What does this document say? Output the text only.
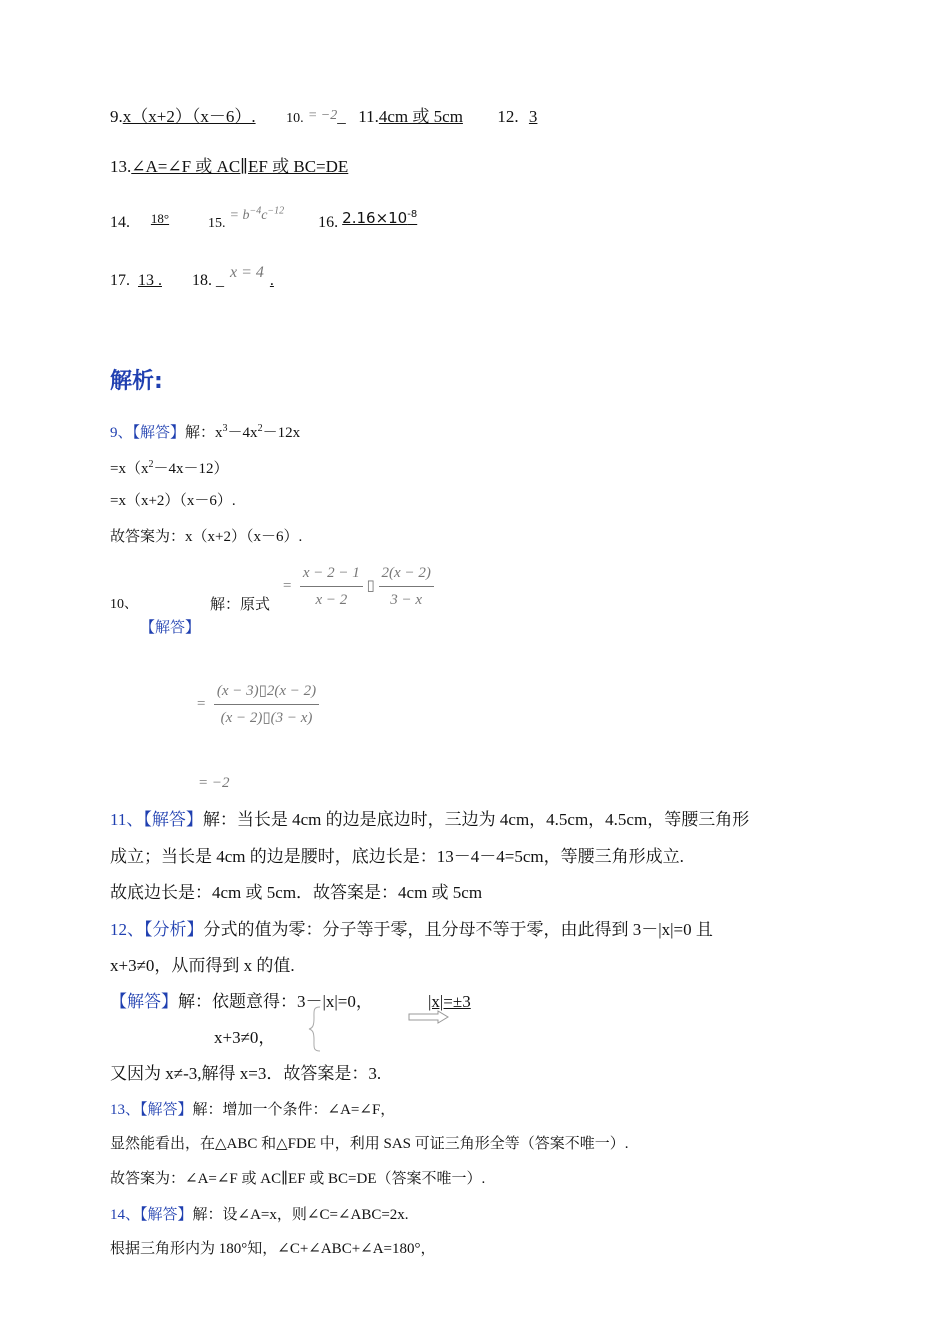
9.x（x+2）（x－6）. 10. = −2_ 11.4cm 或 5cm 12. 3
13.∠A=∠F 或 AC∥EF 或 BC=DE
14. 18°	15. = $b^{-4}c^{-12}$  16. $2.16\times 10^{-8}$
17. 13 . 18. _ x = 4 .
解析:
9、【解答】解：$x^3-4x^2-12x$
$=x(x^2-4x-12)$
=x（x+2）（x－6）.
故答案为：x（x+2）（x－6）.
10、
【解答】
解：原式
= $\frac{x - 2 - 1}{x - 2}$ ▯ $\frac{2(x - 2)}{3 - x}$
= $\frac{(x - 3)▯2(x - 2)}{(x - 2)▯(3 - x)}$
= −2
11、【解答】解：当长是 4cm 的边是底边时，三边为 4cm，4.5cm，4.5cm，等腰三角形
成立；当长是 4cm 的边是腰时，底边长是：13－4－4=5cm，等腰三角形成立.
故底边长是：4cm 或 5cm．故答案是：4cm 或 5cm
12、【分析】分式的值为零：分子等于零，且分母不等于零，由此得到 3－|x|=0 且
x+3≠0，从而得到 x 的值.
【解答】解：依题意得：3－|x|=0，	|x|=±3
x+3≠0，
又因为 x≠-3,解得 x=3．故答案是：3.
13、【解答】解：增加一个条件：∠A=∠F，
显然能看出，在△ABC 和△FDE 中，利用 SAS 可证三角形全等（答案不唯一）.
故答案为：∠A=∠F 或 AC∥EF 或 BC=DE（答案不唯一）.
14、【解答】解：设∠A=x，则∠C=∠ABC=2x.
根据三角形内为 180°知，∠C+∠ABC+∠A=180°，
